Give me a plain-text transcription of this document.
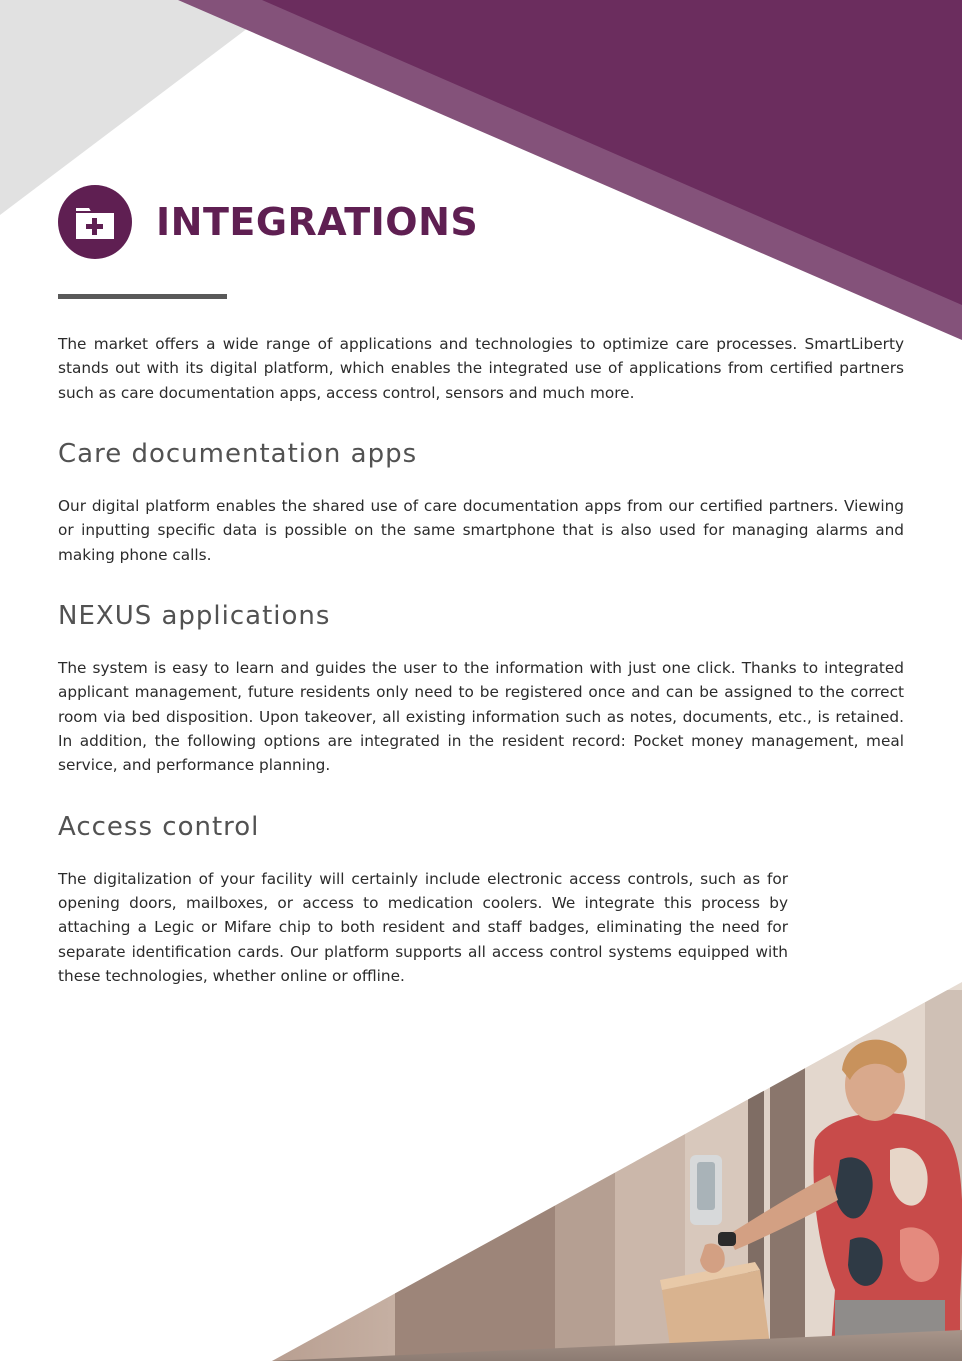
INTEGRATIONS

The market offers a wide range of applications and technologies to optimize care processes. SmartLiberty stands out with its digital platform, which enables the integrated use of applications from certified partners such as care documentation apps, access control, sensors and much more.

Care documentation apps

Our digital platform enables the shared use of care documentation apps from our certified partners. Viewing or inputting specific data is possible on the same smartphone that is also used for managing alarms and making phone calls.

NEXUS applications

The system is easy to learn and guides the user to the information with just one click. Thanks to integrated applicant management, future residents only need to be registered once and can be assigned to the correct room via bed disposition. Upon takeover, all existing information such as notes, documents, etc., is retained. In addition, the following options are integrated in the resident record: Pocket money management, meal service, and performance planning.

Access control

The digitalization of your facility will certainly include electronic access controls, such as for opening doors, mailboxes, or access to medication coolers. We integrate this process by attaching a Legic or Mifare chip to both resident and staff badges, eliminating the need for separate identification cards. Our platform supports all access control systems equipped with these technologies, whether online or offline.
